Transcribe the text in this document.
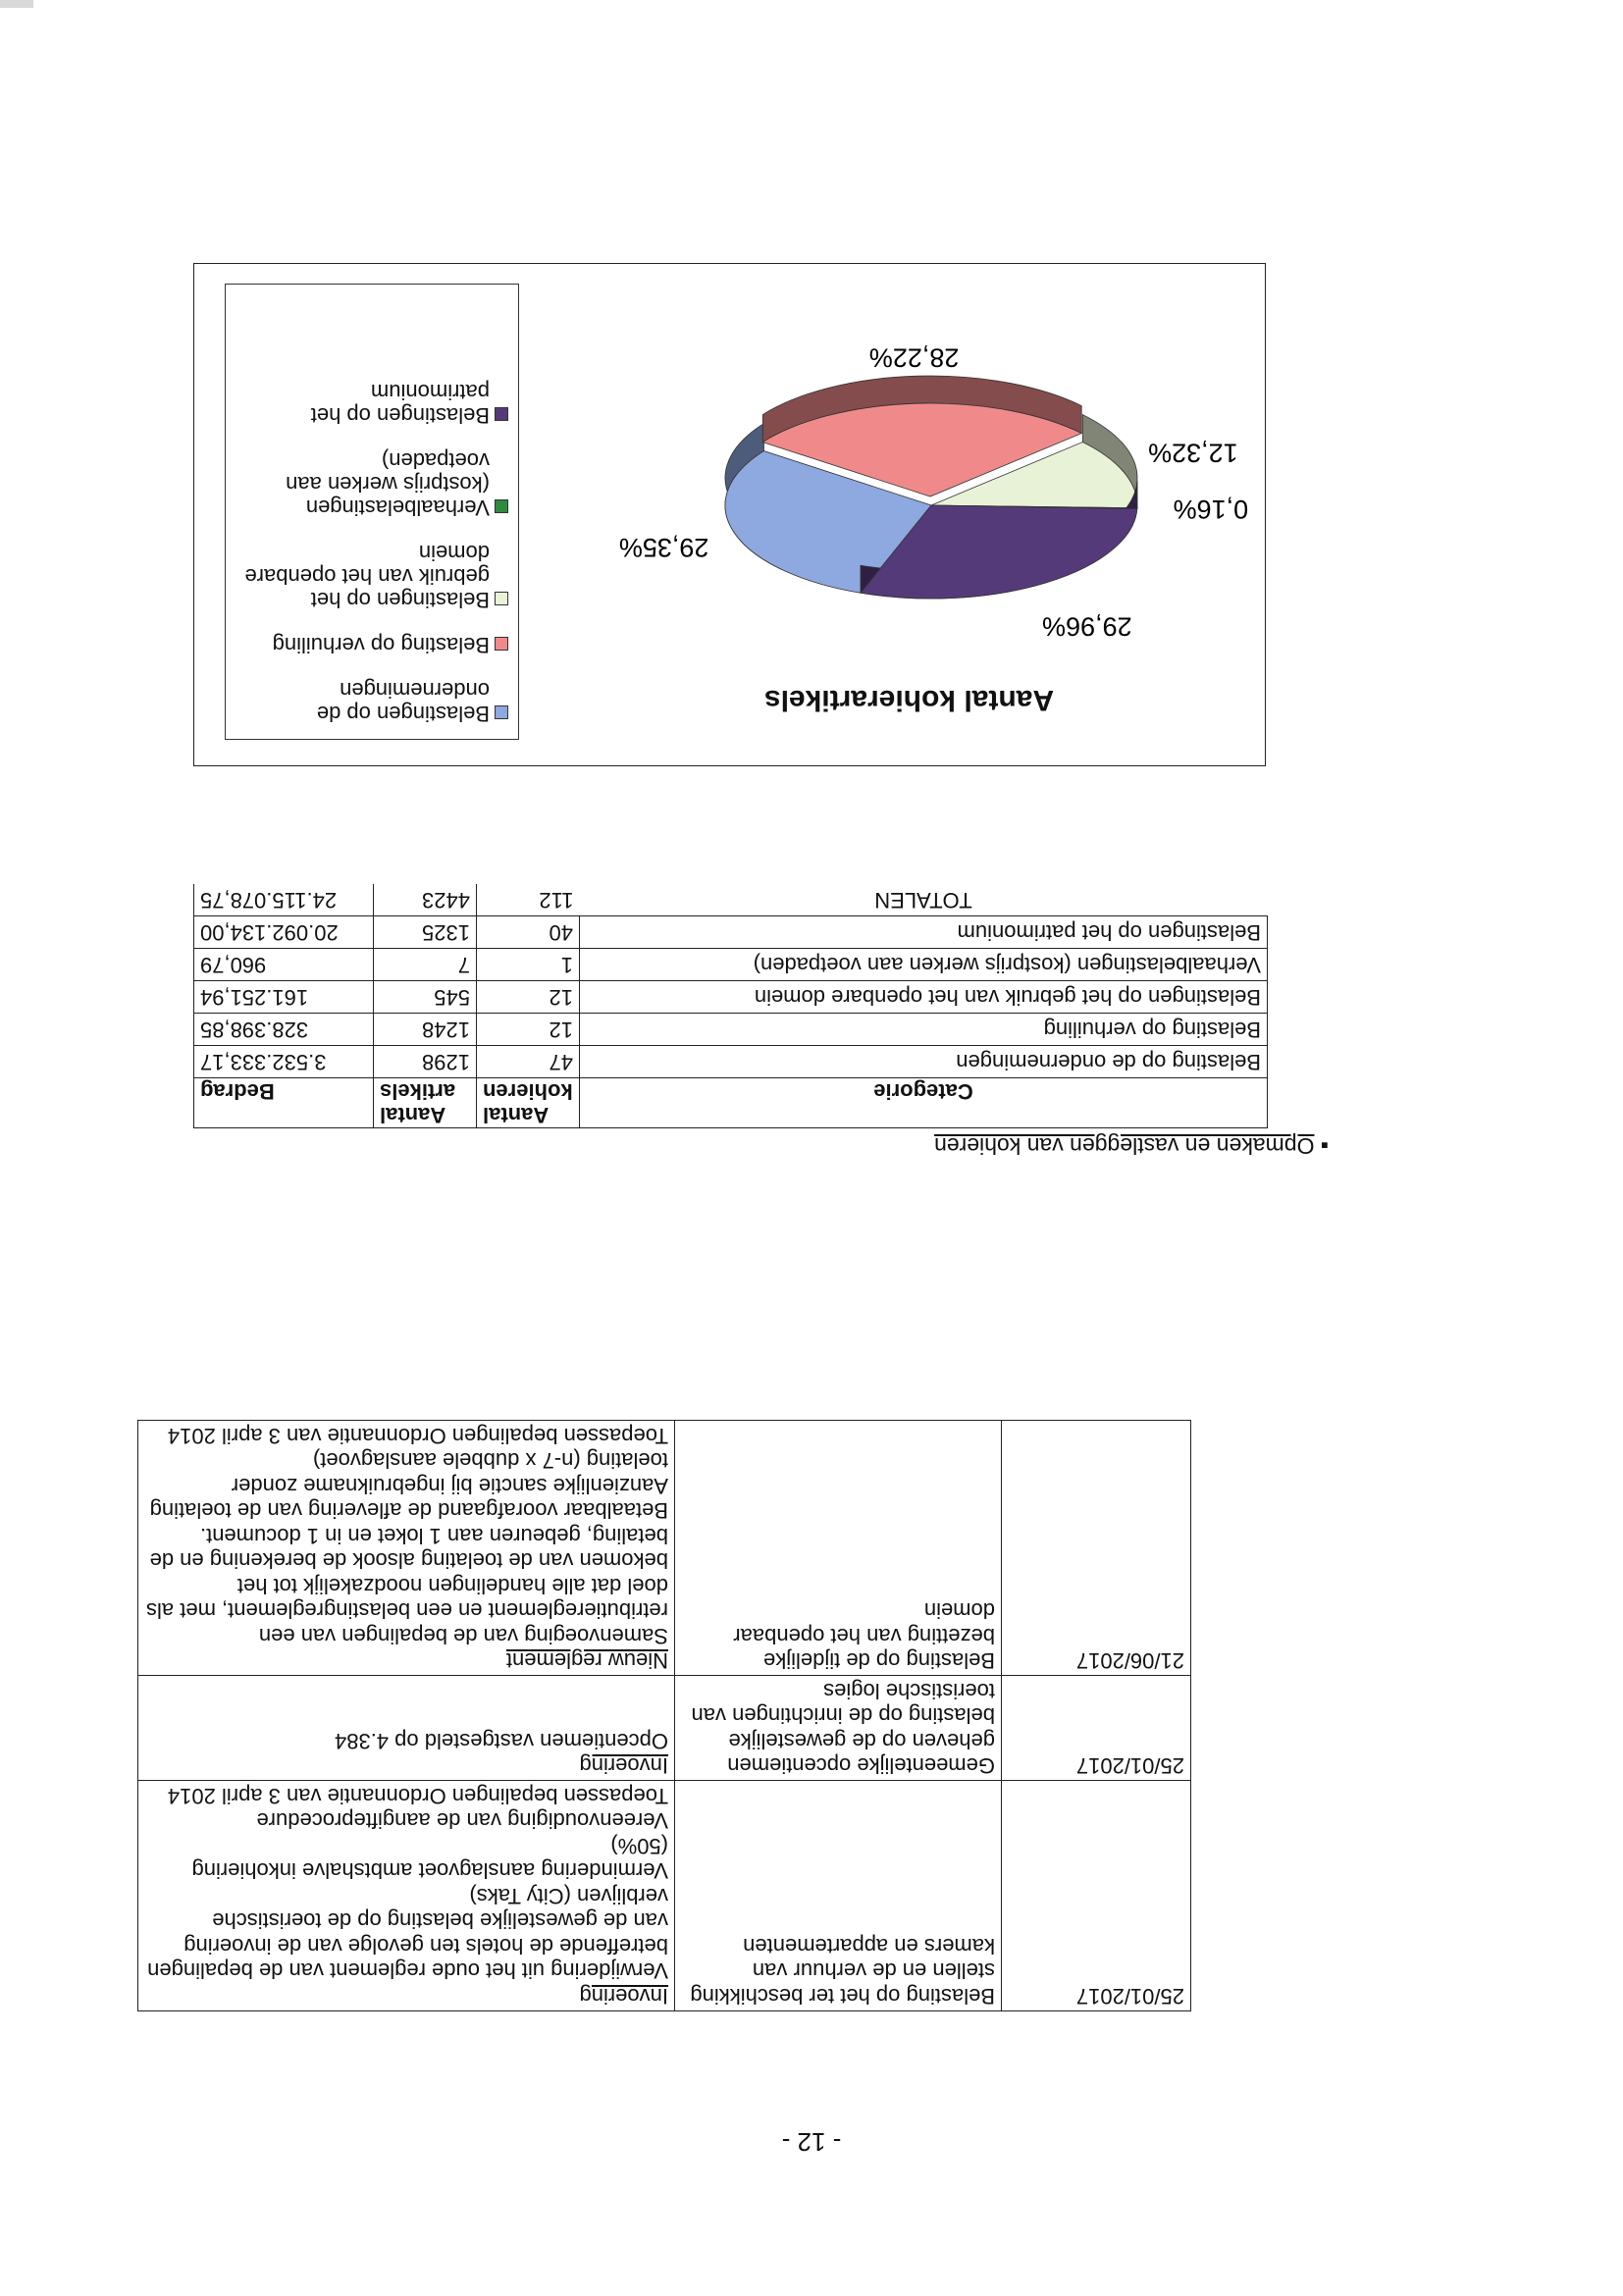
- 12 -
25/01/2017	Belasting op het ter beschikking stellen en de verhuur van kamers en appartementen	Invoering
Verwijdering uit het oude reglement van de bepalingen betreffende de hotels ten gevolge van de invoering van de gewestelijke belasting op de toeristische verblijven (City Taks)
Vermindering aanslagvoet ambtshalve inkohiering (50%)
Vereenvoudiging van de aangifteprocedure
Toepassen bepalingen Ordonnantie van 3 april 2014

25/01/2017	Gemeentelijke opcentiemen geheven op de gewestelijke belasting op de inrichtingen van toeristische logies	Invoering
Opcentiemen vastgesteld op 4.384

21/06/2017	Belasting op de tijdelijke bezetting van het openbaar domein	Nieuw reglement
Samenvoeging van de bepalingen van een retributiereglement en een belastingreglement, met als doel dat alle handelingen noodzakelijk tot het bekomen van de toelating alsook de berekening en de betaling, gebeuren aan 1 loket en in 1 document.
Betaalbaar voorafgaand de aflevering van de toelating
Aanzienlijke sanctie bij ingebruikname zonder toelating (n-7 x dubbele aanslagvoet)
Toepassen bepalingen Ordonnantie van 3 april 2014
▪ Opmaken en vastleggen van kohieren
Categorie	Aantal kohieren	Aantal artikels	Bedrag
Belasting op de ondernemingen	47	1298	3.532.333,17
Belasting op verhuiling	12	1248	328.398,85
Belastingen op het gebruik van het openbare domein	12	545	161.251,94
Verhaalbelastingen (kostprijs werken aan voetpaden)	1	7	960,79
Belastingen op het patrimonium	40	1325	20.092.134,00
TOTALEN	112	4423	24.115.078,75
Aantal kohierartikels
29,35%
28,22%
12,32%
0,16%
29,96%
Belastingen op de ondernemingen
Belasting op verhuiling
Belastingen op het gebruik van het openbare domein
Verhaalbelastingen (kostprijs werken aan voetpaden)
Belastingen op het patrimonium
